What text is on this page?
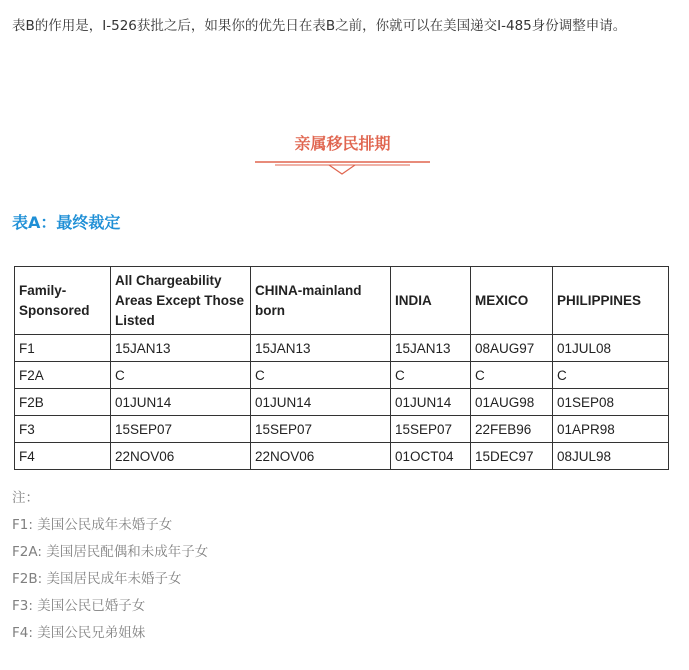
表B的作用是，I-526获批之后，如果你的优先日在表B之前，你就可以在美国递交I-485身份调整申请。
亲属移民排期
表A：最终裁定
Family-Sponsored	All Chargeability Areas Except Those Listed	CHINA-mainland born	INDIA	MEXICO	PHILIPPINES
F1	15JAN13	15JAN13	15JAN13	08AUG97	01JUL08
F2A	C	C	C	C	C
F2B	01JUN14	01JUN14	01JUN14	01AUG98	01SEP08
F3	15SEP07	15SEP07	15SEP07	22FEB96	01APR98
F4	22NOV06	22NOV06	01OCT04	15DEC97	08JUL98
注：
F1: 美国公民成年未婚子女
F2A: 美国居民配偶和未成年子女
F2B: 美国居民成年未婚子女
F3: 美国公民已婚子女
F4: 美国公民兄弟姐妹
